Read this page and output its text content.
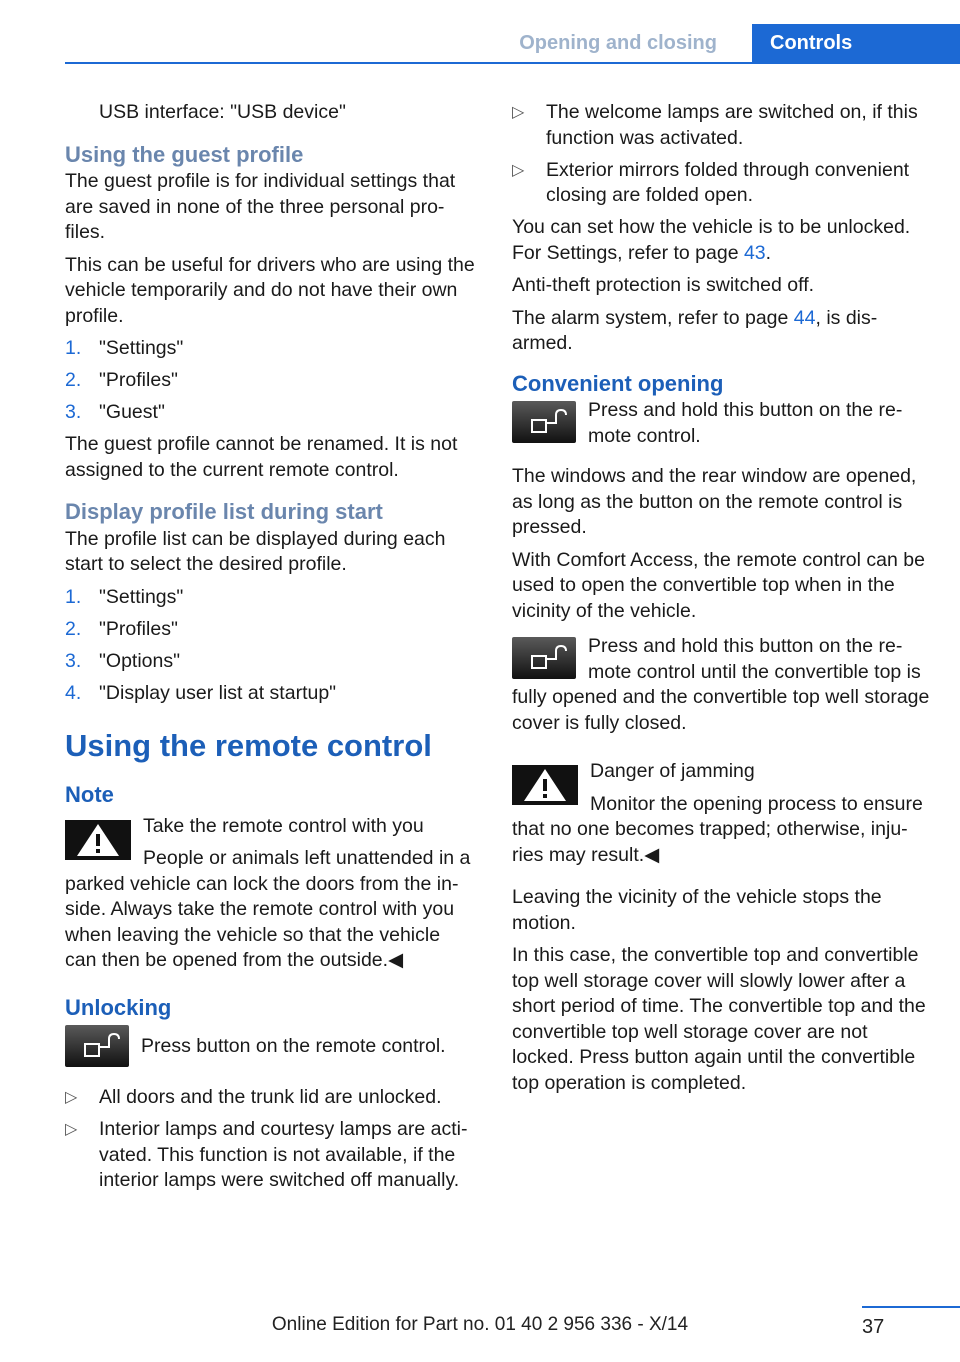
Opening and closing	Controls

USB interface: "USB device"

Using the guest profile

The guest profile is for individual settings that are saved in none of the three personal pro‐files.

This can be useful for drivers who are using the vehicle temporarily and do not have their own profile.

1. "Settings"
2. "Profiles"
3. "Guest"

The guest profile cannot be renamed. It is not assigned to the current remote control.

Display profile list during start

The profile list can be displayed during each start to select the desired profile.

1. "Settings"
2. "Profiles"
3. "Options"
4. "Display user list at startup"
Using the remote control
Note

Take the remote control with you

People or animals left unattended in a parked vehicle can lock the doors from the in‐side. Always take the remote control with you when leaving the vehicle so that the vehicle can then be opened from the outside.◀

Unlocking

Press button on the remote control.

▷ All doors and the trunk lid are unlocked.
▷ Interior lamps and courtesy lamps are acti‐vated. This function is not available, if the interior lamps were switched off manually.
▷ The welcome lamps are switched on, if this function was activated.
▷ Exterior mirrors folded through convenient closing are folded open.

You can set how the vehicle is to be unlocked. For Settings, refer to page 43.

Anti-theft protection is switched off.

The alarm system, refer to page 44, is dis‐armed.

Convenient opening

Press and hold this button on the re‐mote control.

The windows and the rear window are opened, as long as the button on the remote control is pressed.

With Comfort Access, the remote control can be used to open the convertible top when in the vicinity of the vehicle.

Press and hold this button on the re‐mote control until the convertible top is fully opened and the convertible top well storage cover is fully closed.

Danger of jamming

Monitor the opening process to ensure that no one becomes trapped; otherwise, inju‐ries may result.◀

Leaving the vicinity of the vehicle stops the motion.

In this case, the convertible top and convertible top well storage cover will slowly lower after a short period of time. The convertible top and the convertible top well storage cover are not locked. Press button again until the convertible top operation is completed.

37
Online Edition for Part no. 01 40 2 956 336 - X/14
